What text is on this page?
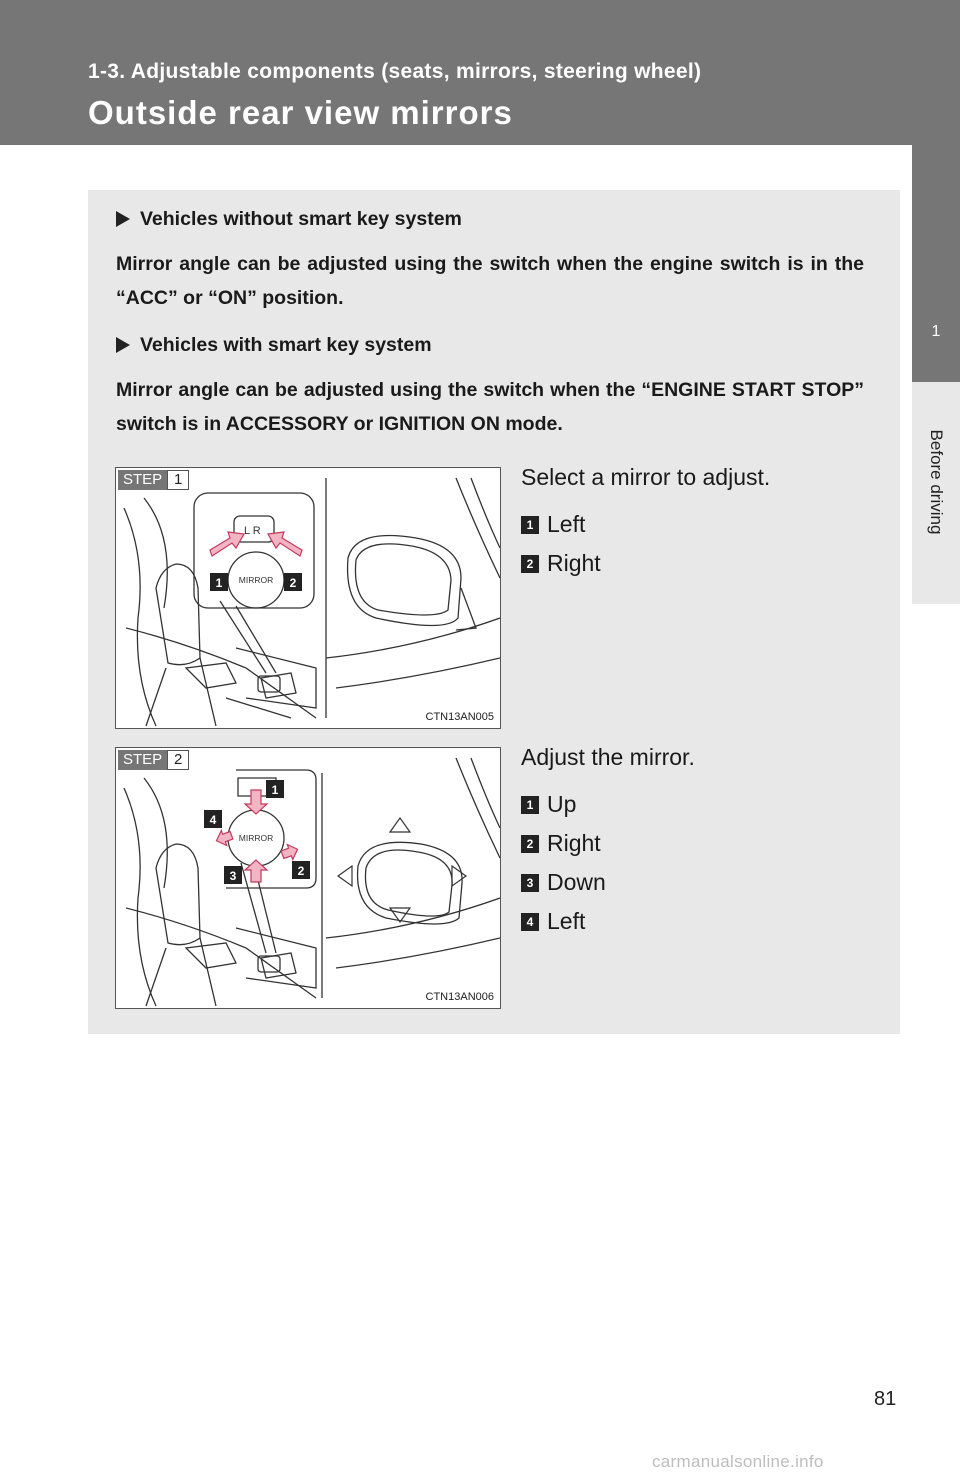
1-3. Adjustable components (seats, mirrors, steering wheel)
Outside rear view mirrors
1
Before driving
Vehicles without smart key system
Mirror angle can be adjusted using the switch when the engine switch is in the “ACC” or “ON” position.
Vehicles with smart key system
Mirror angle can be adjusted using the switch when the “ENGINE START STOP” switch is in ACCESSORY or IGNITION ON mode.
L R
MIRROR
1	2
STEP 1
CTN13AN005
Select a mirror to adjust.
1 Left
2 Right
MIRROR
1
2
3
4
STEP 2
CTN13AN006
Adjust the mirror.
1 Up
2 Right
3 Down
4 Left
81
carmanualsonline.info
